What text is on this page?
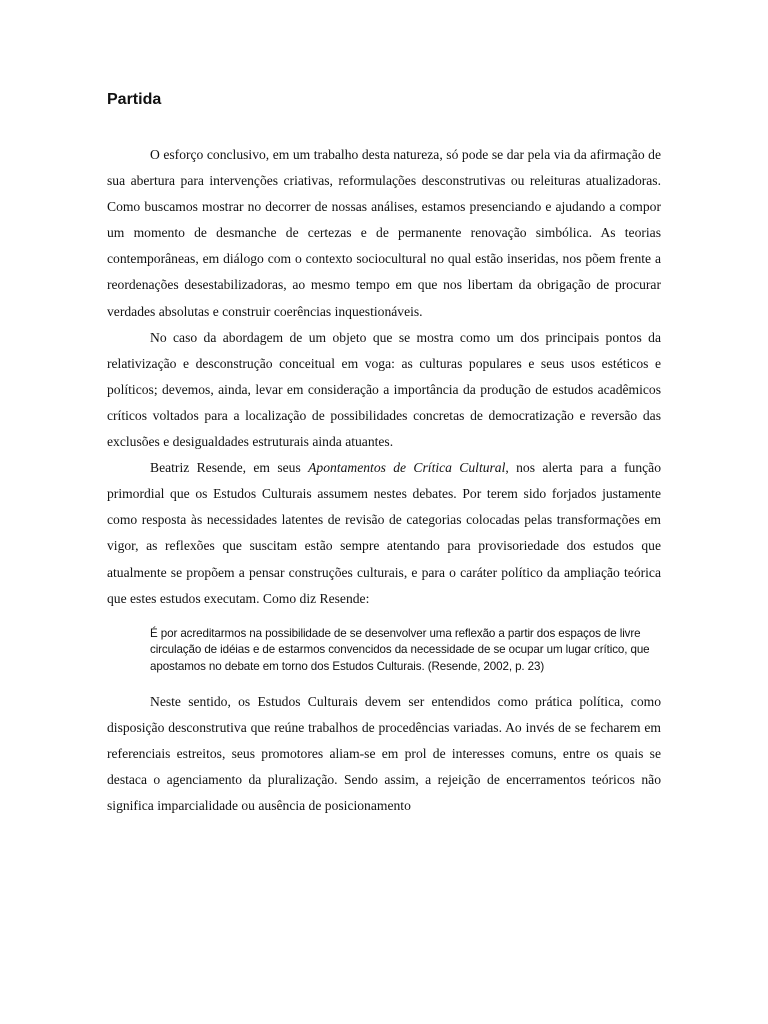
Partida

O esforço conclusivo, em um trabalho desta natureza, só pode se dar pela via da afirmação de sua abertura para intervenções criativas, reformulações desconstrutivas ou releituras atualizadoras. Como buscamos mostrar no decorrer de nossas análises, estamos presenciando e ajudando a compor um momento de desmanche de certezas e de permanente renovação simbólica. As teorias contemporâneas, em diálogo com o contexto sociocultural no qual estão inseridas, nos põem frente a reordenações desestabilizadoras, ao mesmo tempo em que nos libertam da obrigação de procurar verdades absolutas e construir coerências inquestionáveis.

No caso da abordagem de um objeto que se mostra como um dos principais pontos da relativização e desconstrução conceitual em voga: as culturas populares e seus usos estéticos e políticos; devemos, ainda, levar em consideração a importância da produção de estudos acadêmicos críticos voltados para a localização de possibilidades concretas de democratização e reversão das exclusões e desigualdades estruturais ainda atuantes.

Beatriz Resende, em seus Apontamentos de Crítica Cultural, nos alerta para a função primordial que os Estudos Culturais assumem nestes debates. Por terem sido forjados justamente como resposta às necessidades latentes de revisão de categorias colocadas pelas transformações em vigor, as reflexões que suscitam estão sempre atentando para provisoriedade dos estudos que atualmente se propõem a pensar construções culturais, e para o caráter político da ampliação teórica que estes estudos executam. Como diz Resende:

É por acreditarmos na possibilidade de se desenvolver uma reflexão a partir dos espaços de livre circulação de idéias e de estarmos convencidos da necessidade de se ocupar um lugar crítico, que apostamos no debate em torno dos Estudos Culturais. (Resende, 2002, p. 23)

Neste sentido, os Estudos Culturais devem ser entendidos como prática política, como disposição desconstrutiva que reúne trabalhos de procedências variadas. Ao invés de se fecharem em referenciais estreitos, seus promotores aliam-se em prol de interesses comuns, entre os quais se destaca o agenciamento da pluralização. Sendo assim, a rejeição de encerramentos teóricos não significa imparcialidade ou ausência de posicionamento
